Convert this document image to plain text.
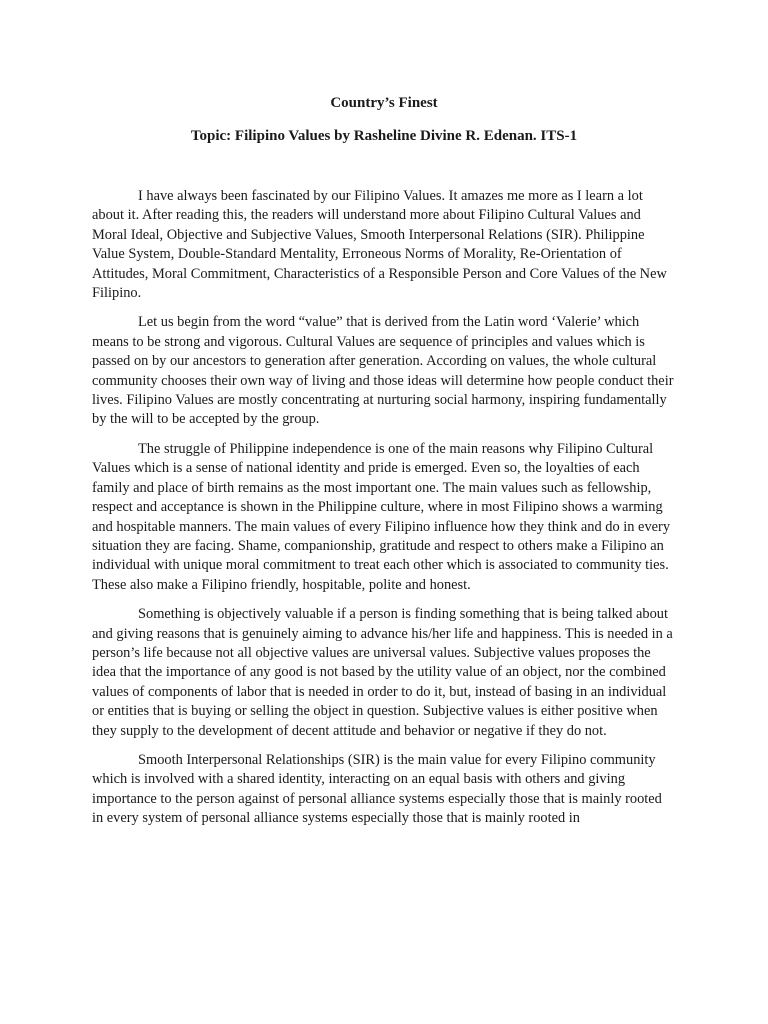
Country’s Finest
Topic: Filipino Values by Rasheline Divine R. Edenan. ITS-1

I have always been fascinated by our Filipino Values. It amazes me more as I learn a lot about it. After reading this, the readers will understand more about Filipino Cultural Values and Moral Ideal, Objective and Subjective Values, Smooth Interpersonal Relations (SIR). Philippine Value System, Double-Standard Mentality, Erroneous Norms of Morality, Re-Orientation of Attitudes, Moral Commitment, Characteristics of a Responsible Person and Core Values of the New Filipino.

Let us begin from the word “value” that is derived from the Latin word ‘Valerie’ which means to be strong and vigorous. Cultural Values are sequence of principles and values which is passed on by our ancestors to generation after generation. According on values, the whole cultural community chooses their own way of living and those ideas will determine how people conduct their lives. Filipino Values are mostly concentrating at nurturing social harmony, inspiring fundamentally by the will to be accepted by the group.

The struggle of Philippine independence is one of the main reasons why Filipino Cultural Values which is a sense of national identity and pride is emerged. Even so, the loyalties of each family and place of birth remains as the most important one. The main values such as fellowship, respect and acceptance is shown in the Philippine culture, where in most Filipino shows a warming and hospitable manners. The main values of every Filipino influence how they think and do in every situation they are facing. Shame, companionship, gratitude and respect to others make a Filipino an individual with unique moral commitment to treat each other which is associated to community ties. These also make a Filipino friendly, hospitable, polite and honest.

Something is objectively valuable if a person is finding something that is being talked about and giving reasons that is genuinely aiming to advance his/her life and happiness. This is needed in a person’s life because not all objective values are universal values. Subjective values proposes the idea that the importance of any good is not based by the utility value of an object, nor the combined values of components of labor that is needed in order to do it, but, instead of basing in an individual or entities that is buying or selling the object in question. Subjective values is either positive when they supply to the development of decent attitude and behavior or negative if they do not.

Smooth Interpersonal Relationships (SIR) is the main value for every Filipino community which is involved with a shared identity, interacting on an equal basis with others and giving importance to the person against of personal alliance systems especially those that is mainly rooted in every system of personal alliance systems especially those that is mainly rooted in
